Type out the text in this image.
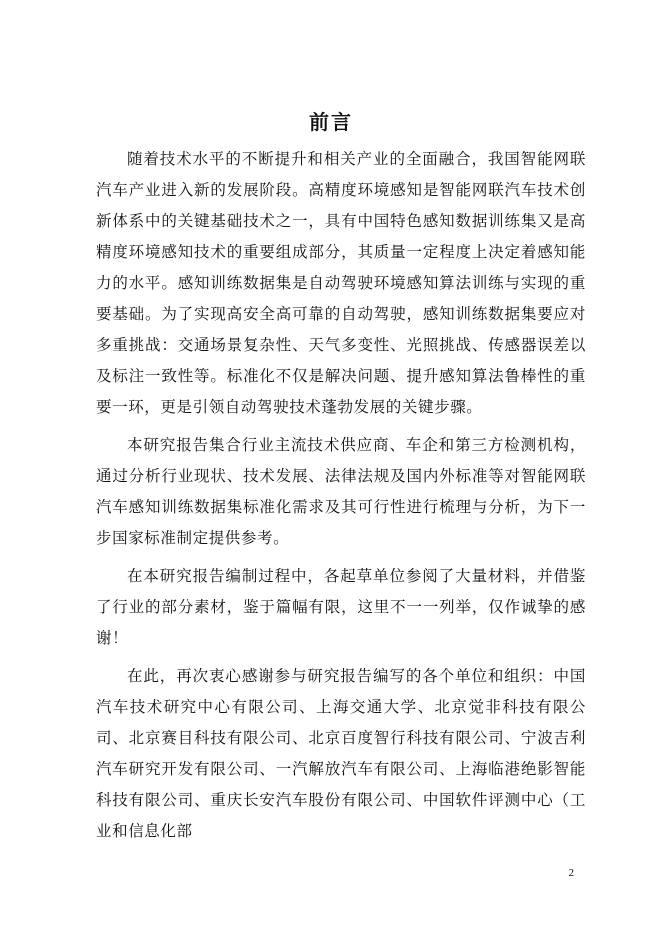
前言

随着技术水平的不断提升和相关产业的全面融合，我国智能网联汽车产业进入新的发展阶段。高精度环境感知是智能网联汽车技术创新体系中的关键基础技术之一，具有中国特色感知数据训练集又是高精度环境感知技术的重要组成部分，其质量一定程度上决定着感知能力的水平。感知训练数据集是自动驾驶环境感知算法训练与实现的重要基础。为了实现高安全高可靠的自动驾驶，感知训练数据集要应对多重挑战：交通场景复杂性、天气多变性、光照挑战、传感器误差以及标注一致性等。标准化不仅是解决问题、提升感知算法鲁棒性的重要一环，更是引领自动驾驶技术蓬勃发展的关键步骤。

本研究报告集合行业主流技术供应商、车企和第三方检测机构，通过分析行业现状、技术发展、法律法规及国内外标准等对智能网联汽车感知训练数据集标准化需求及其可行性进行梳理与分析，为下一步国家标准制定提供参考。

在本研究报告编制过程中，各起草单位参阅了大量材料，并借鉴了行业的部分素材，鉴于篇幅有限，这里不一一列举，仅作诚挚的感谢！

在此，再次衷心感谢参与研究报告编写的各个单位和组织：中国汽车技术研究中心有限公司、上海交通大学、北京觉非科技有限公司、北京赛目科技有限公司、北京百度智行科技有限公司、宁波吉利汽车研究开发有限公司、一汽解放汽车有限公司、上海临港绝影智能科技有限公司、重庆长安汽车股份有限公司、中国软件评测中心（工业和信息化部

2
